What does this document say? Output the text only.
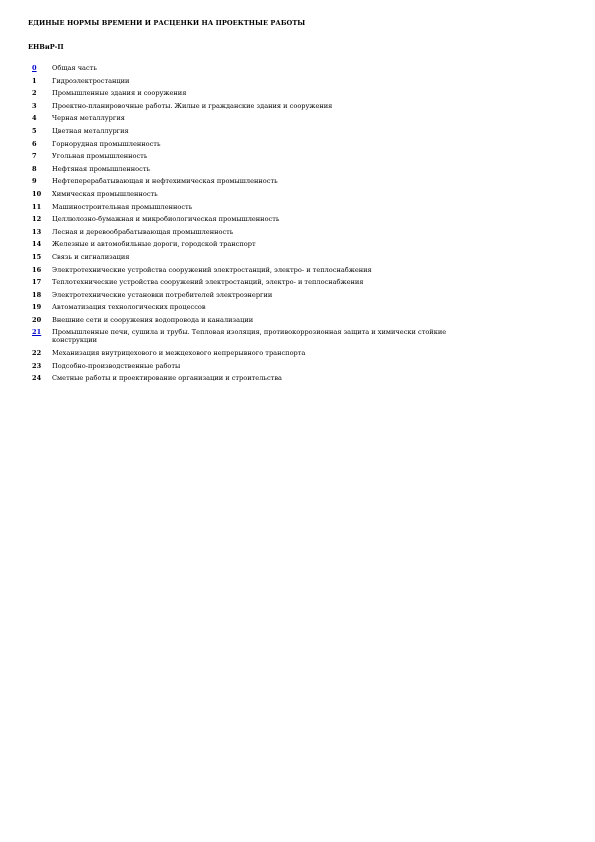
ЕДИНЫЕ НОРМЫ ВРЕМЕНИ И РАСЦЕНКИ НА ПРОЕКТНЫЕ РАБОТЫ
ЕНВиР-П
0	Общая часть
1	Гидроэлектростанции
2	Промышленные здания и сооружения
3	Проектно-планировочные работы. Жилые и гражданские здания и сооружения
4	Черная металлургия
5	Цветная металлургия
6	Горнорудная промышленность
7	Угольная промышленность
8	Нефтяная промышленность
9	Нефтеперерабатывающая и нефтехимическая промышленность
10	Химическая промышленность
11	Машиностроительная промышленность
12	Целлюлозно-бумажная и микробиологическая промышленность
13	Лесная и деревообрабатывающая промышленность
14	Железные и автомобильные дороги, городской транспорт
15	Связь и сигнализация
16	Электротехнические устройства сооружений электростанций, электро- и теплоснабжения
17	Теплотехнические устройства сооружений электростанций, электро- и теплоснабжения
18	Электротехнические установки потребителей электроэнергии
19	Автоматизация технологических процессов
20	Внешние сети и сооружения водопровода и канализации
21	Промышленные печи, сушила и трубы. Тепловая изоляция, противокоррозионная защита и химически стойкие конструкции
22	Механизация внутрицехового и межцехового непрерывного транспорта
23	Подсобно-производственные работы
24	Сметные работы и проектирование организации и строительства
